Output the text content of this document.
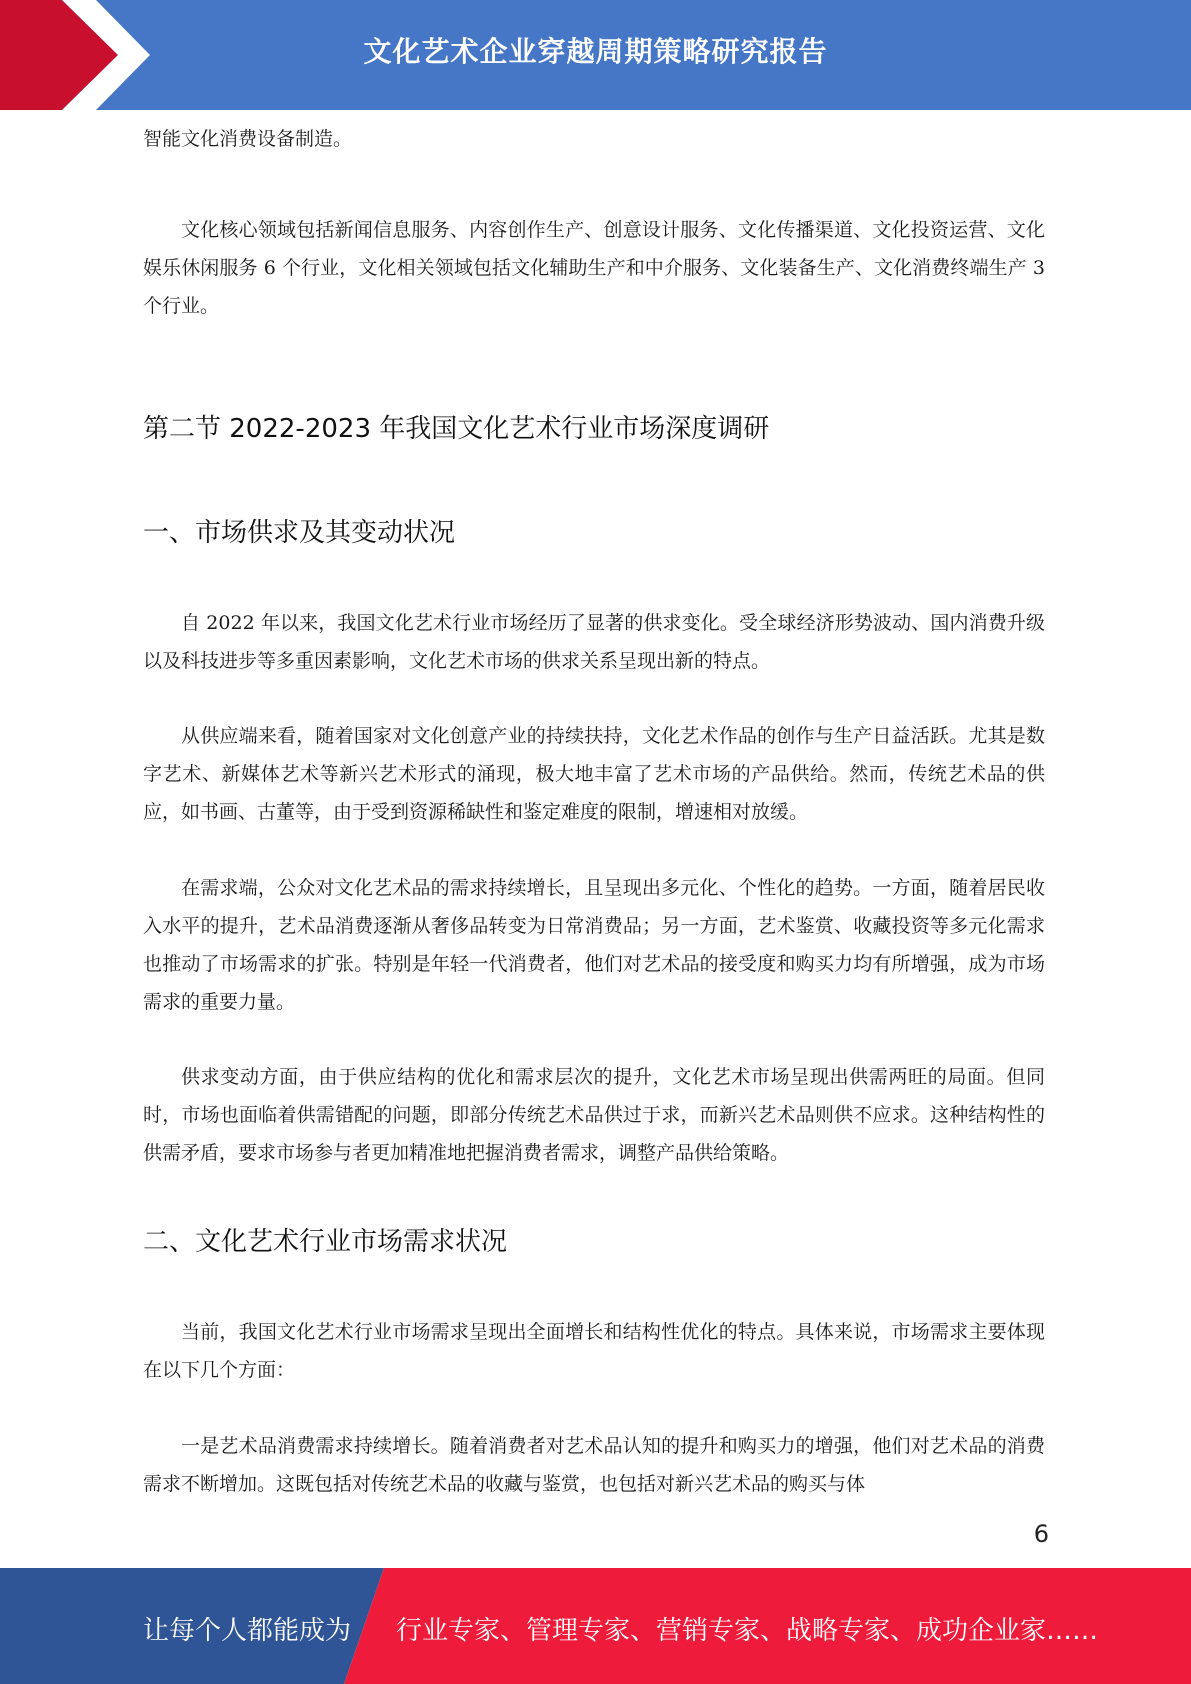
文化艺术企业穿越周期策略研究报告

智能文化消费设备制造。

文化核心领域包括新闻信息服务、内容创作生产、创意设计服务、文化传播渠道、文化投资运营、文化娱乐休闲服务 6 个行业，文化相关领域包括文化辅助生产和中介服务、文化装备生产、文化消费终端生产 3 个行业。

第二节 2022-2023 年我国文化艺术行业市场深度调研
一、市场供求及其变动状况

自 2022 年以来，我国文化艺术行业市场经历了显著的供求变化。受全球经济形势波动、国内消费升级以及科技进步等多重因素影响，文化艺术市场的供求关系呈现出新的特点。

从供应端来看，随着国家对文化创意产业的持续扶持，文化艺术作品的创作与生产日益活跃。尤其是数字艺术、新媒体艺术等新兴艺术形式的涌现，极大地丰富了艺术市场的产品供给。然而，传统艺术品的供应，如书画、古董等，由于受到资源稀缺性和鉴定难度的限制，增速相对放缓。

在需求端，公众对文化艺术品的需求持续增长，且呈现出多元化、个性化的趋势。一方面，随着居民收入水平的提升，艺术品消费逐渐从奢侈品转变为日常消费品；另一方面，艺术鉴赏、收藏投资等多元化需求也推动了市场需求的扩张。特别是年轻一代消费者，他们对艺术品的接受度和购买力均有所增强，成为市场需求的重要力量。

供求变动方面，由于供应结构的优化和需求层次的提升，文化艺术市场呈现出供需两旺的局面。但同时，市场也面临着供需错配的问题，即部分传统艺术品供过于求，而新兴艺术品则供不应求。这种结构性的供需矛盾，要求市场参与者更加精准地把握消费者需求，调整产品供给策略。

二、文化艺术行业市场需求状况

当前，我国文化艺术行业市场需求呈现出全面增长和结构性优化的特点。具体来说，市场需求主要体现在以下几个方面：

一是艺术品消费需求持续增长。随着消费者对艺术品认知的提升和购买力的增强，他们对艺术品的消费需求不断增加。这既包括对传统艺术品的收藏与鉴赏，也包括对新兴艺术品的购买与体

6
让每个人都能成为 行业专家、管理专家、营销专家、战略专家、成功企业家……
